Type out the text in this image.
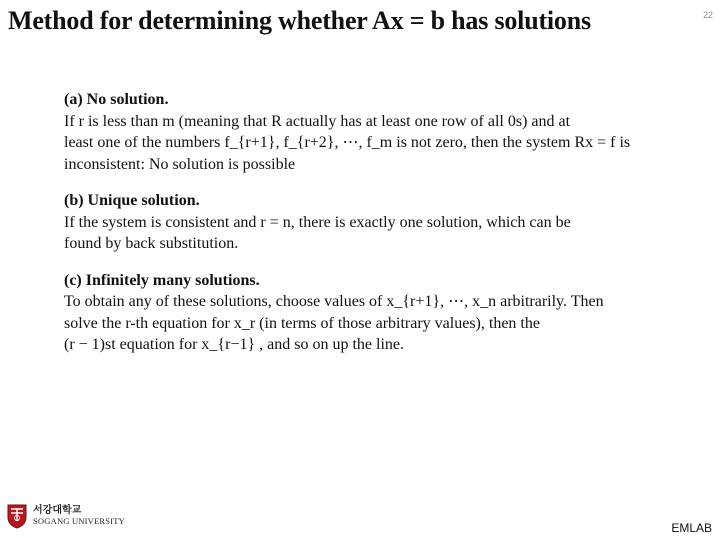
Method for determining whether Ax = b has solutions	22
(a) No solution.
If r is less than m (meaning that R actually has at least one row of all 0s) and at
least one of the numbers f_{r+1}, f_{r+2}, ⋯, f_m is not zero, then the system Rx = f is
inconsistent: No solution is possible
(b) Unique solution.
If the system is consistent and r = n, there is exactly one solution, which can be
found by back substitution.
(c) Infinitely many solutions.
To obtain any of these solutions, choose values of x_{r+1}, ⋯, x_n arbitrarily. Then
solve the r-th equation for x_r (in terms of those arbitrary values), then the
(r − 1)st equation for x_{r−1} , and so on up the line.
서강대학교
SOGANG UNIVERSITY	EMLAB
